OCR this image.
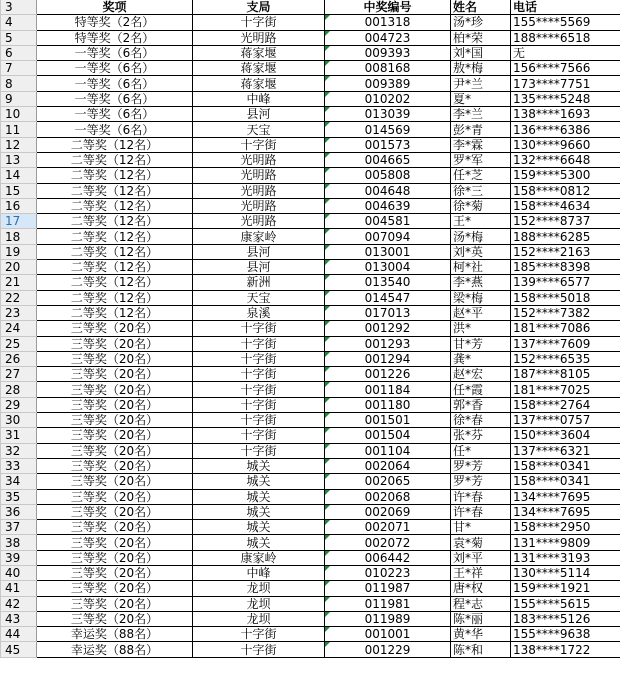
3	奖项	支局	中奖编号	姓名	电话
4	特等奖（2名）	十字街	001318	汤*珍	155****5569
5	特等奖（2名）	光明路	004723	柏*荣	188****6518
6	一等奖（6名）	蒋家堰	009393	刘*国	无
7	一等奖（6名）	蒋家堰	008168	敖*梅	156****7566
8	一等奖（6名）	蒋家堰	009389	尹*兰	173****7751
9	一等奖（6名）	中峰	010202	夏*	135****5248
10	一等奖（6名）	县河	013039	李*兰	138****1693
11	一等奖（6名）	天宝	014569	彭*青	136****6386
12	二等奖（12名）	十字街	001573	李*霖	130****9660
13	二等奖（12名）	光明路	004665	罗*军	132****6648
14	二等奖（12名）	光明路	005808	任*芝	159****5300
15	二等奖（12名）	光明路	004648	徐*三	158****0812
16	二等奖（12名）	光明路	004639	徐*菊	158****4634
17	二等奖（12名）	光明路	004581	王*	152****8737
18	二等奖（12名）	康家岭	007094	汤*梅	188****6285
19	二等奖（12名）	县河	013001	刘*英	152****2163
20	二等奖（12名）	县河	013004	柯*社	185****8398
21	二等奖（12名）	新洲	013540	李*燕	139****6577
22	二等奖（12名）	天宝	014547	梁*梅	158****5018
23	二等奖（12名）	泉溪	017013	赵*平	152****7382
24	三等奖（20名）	十字街	001292	洪*	181****7086
25	三等奖（20名）	十字街	001293	甘*芳	137****7609
26	三等奖（20名）	十字街	001294	龚*	152****6535
27	三等奖（20名）	十字街	001226	赵*宏	187****8105
28	三等奖（20名）	十字街	001184	任*霞	181****7025
29	三等奖（20名）	十字街	001180	郭*香	158****2764
30	三等奖（20名）	十字街	001501	徐*春	137****0757
31	三等奖（20名）	十字街	001504	张*芬	150****3604
32	三等奖（20名）	十字街	001104	任*	137****6321
33	三等奖（20名）	城关	002064	罗*芳	158****0341
34	三等奖（20名）	城关	002065	罗*芳	158****0341
35	三等奖（20名）	城关	002068	许*春	134****7695
36	三等奖（20名）	城关	002069	许*春	134****7695
37	三等奖（20名）	城关	002071	甘*	158****2950
38	三等奖（20名）	城关	002072	袁*菊	131****9809
39	三等奖（20名）	康家岭	006442	刘*平	131****3193
40	三等奖（20名）	中峰	010223	王*祥	130****5114
41	三等奖（20名）	龙坝	011987	唐*权	159****1921
42	三等奖（20名）	龙坝	011981	程*志	155****5615
43	三等奖（20名）	龙坝	011989	陈*丽	183****5126
44	幸运奖（88名）	十字街	001001	黄*华	155****9638
45	幸运奖（88名）	十字街	001229	陈*和	138****1722
